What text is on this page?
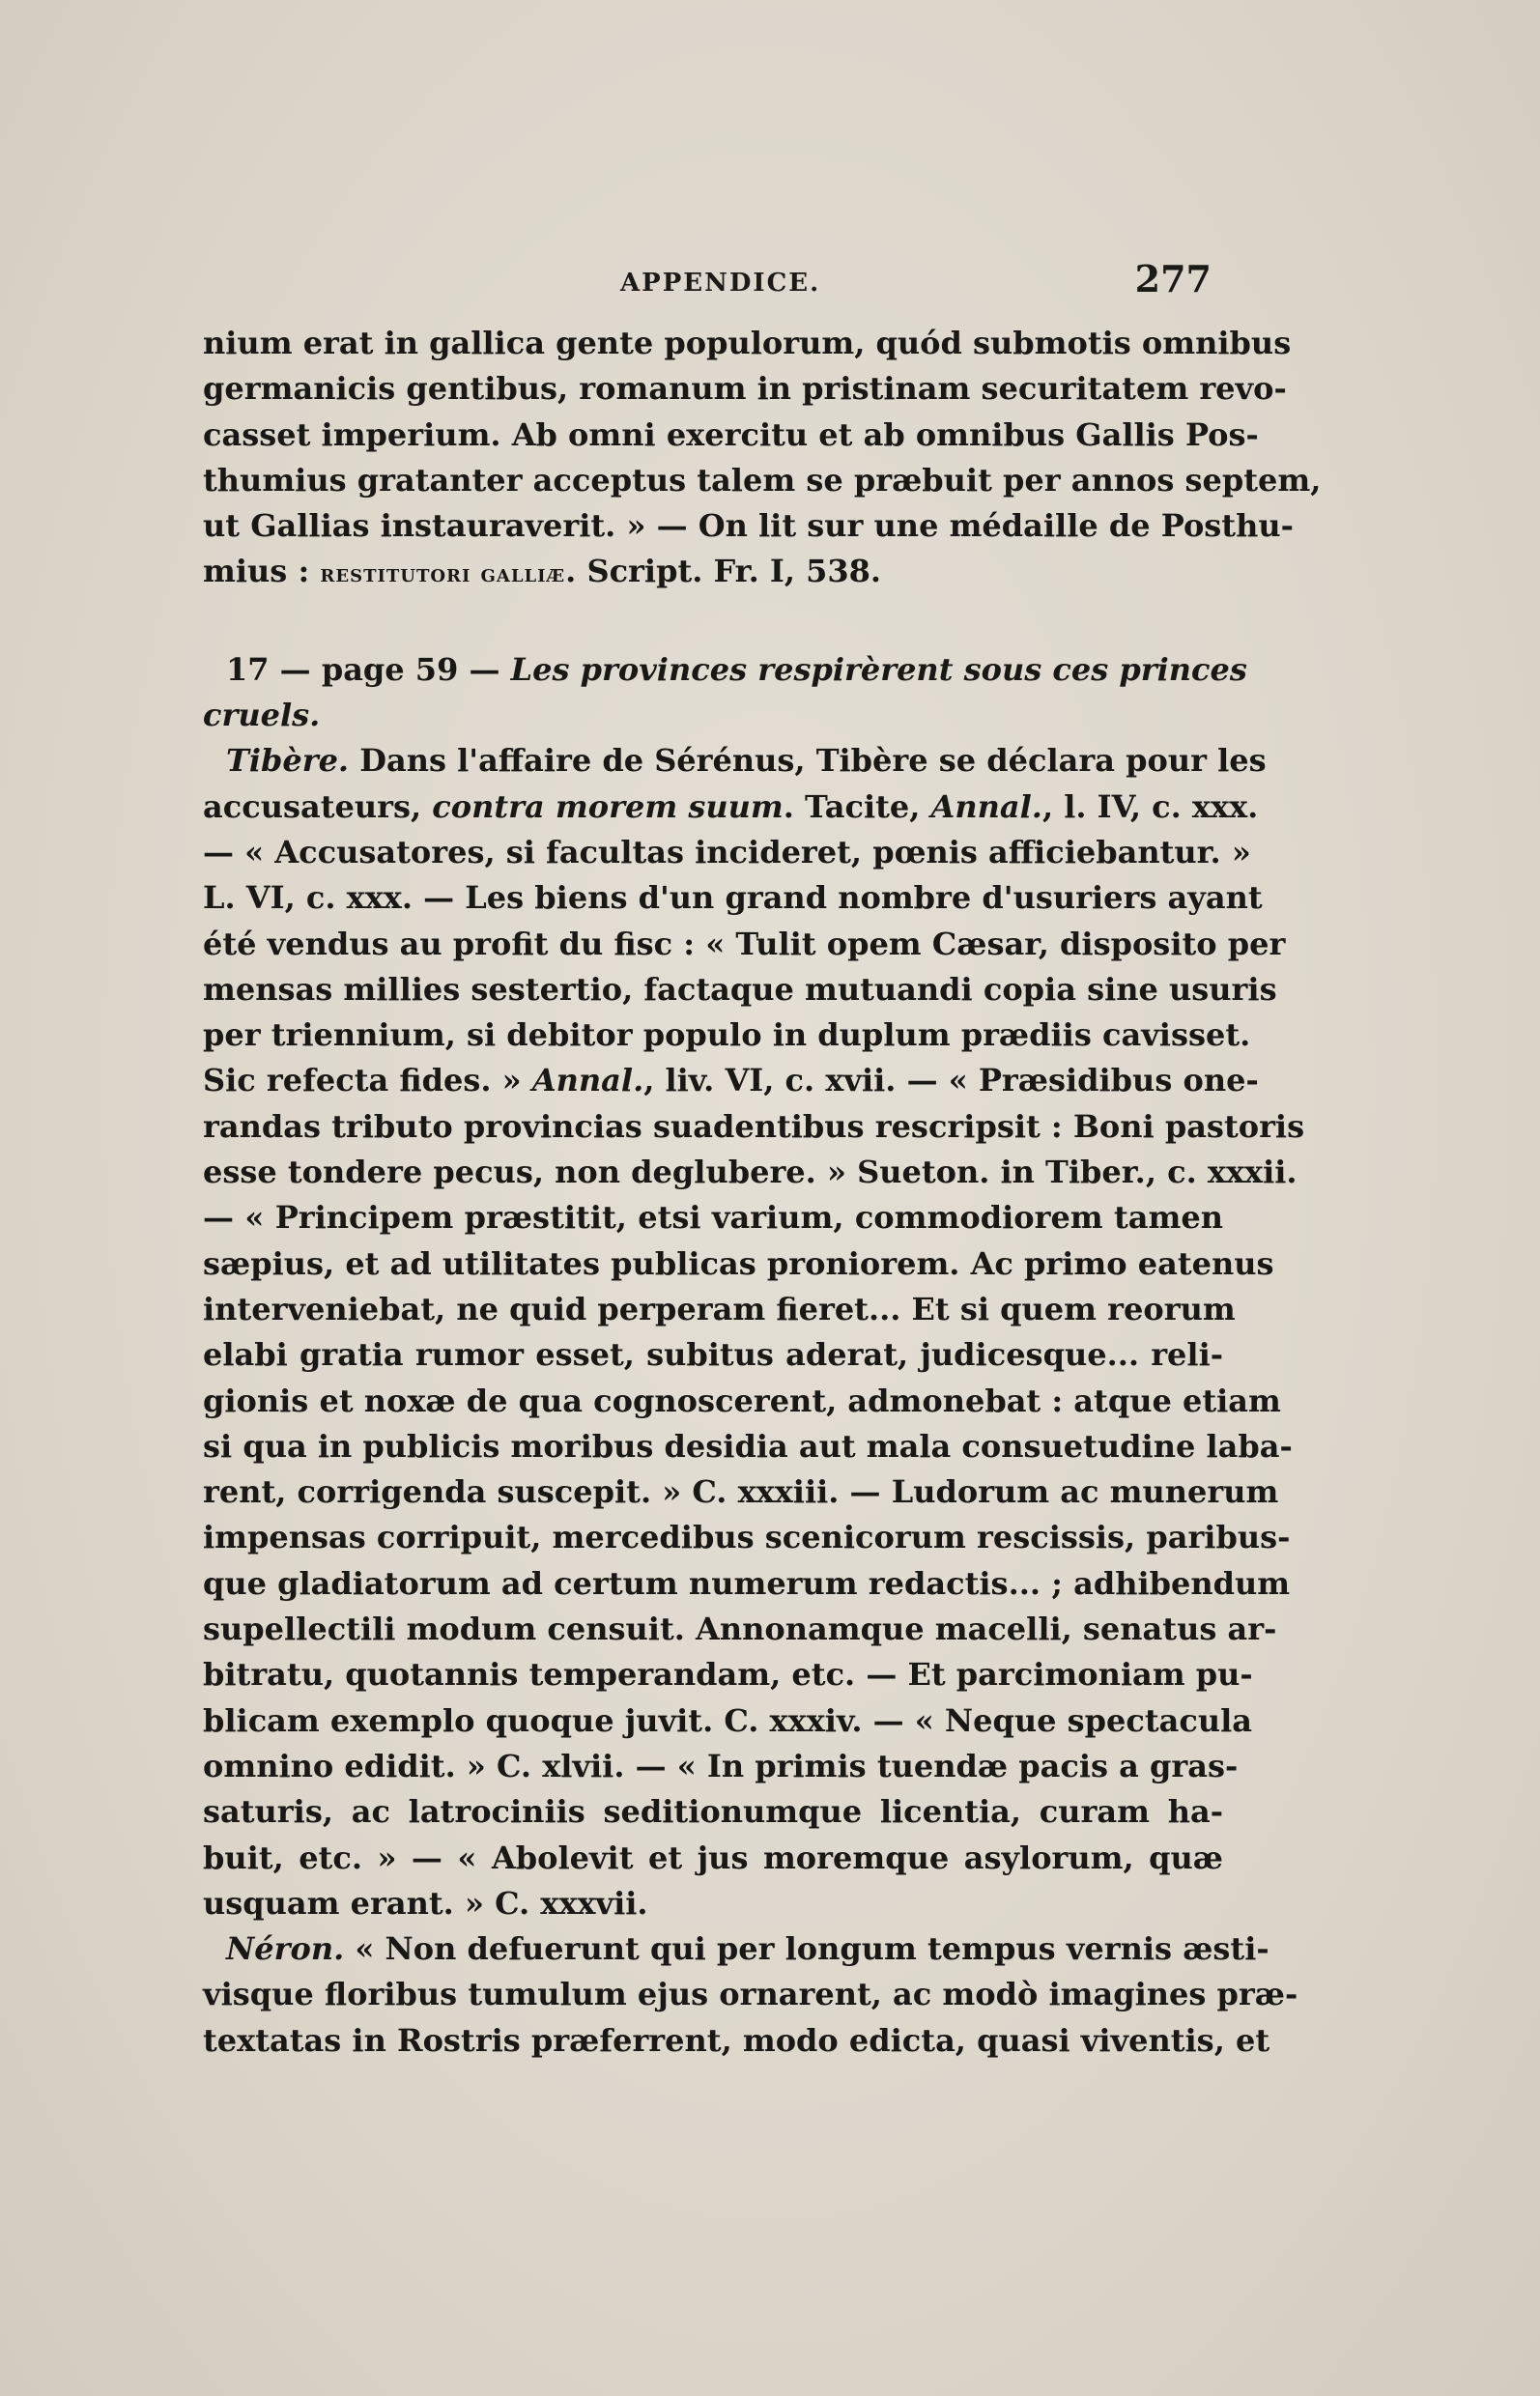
APPENDICE.	277
nium erat in gallica gente populorum, quód submotis omnibus
germanicis gentibus, romanum in pristinam securitatem revo-
casset imperium. Ab omni exercitu et ab omnibus Gallis Pos-
thumius gratanter acceptus talem se præbuit per annos septem,
ut Gallias instauraverit. » — On lit sur une médaille de Posthu-
mius : restitutori galliæ. Script. Fr. I, 538.
17 — page 59 — Les provinces respirèrent sous ces princes
cruels.
Tibère. Dans l'affaire de Sérénus, Tibère se déclara pour les
accusateurs, contra morem suum. Tacite, Annal., l. IV, c. xxx.
— « Accusatores, si facultas incideret, pœnis afficiebantur. »
L. VI, c. xxx. — Les biens d'un grand nombre d'usuriers ayant
été vendus au profit du fisc : « Tulit opem Cæsar, disposito per
mensas millies sestertio, factaque mutuandi copia sine usuris
per triennium, si debitor populo in duplum prædiis cavisset.
Sic refecta fides. » Annal., liv. VI, c. xvii. — « Præsidibus one-
randas tributo provincias suadentibus rescripsit : Boni pastoris
esse tondere pecus, non deglubere. » Sueton. in Tiber., c. xxxii.
— « Principem præstitit, etsi varium, commodiorem tamen
sæpius, et ad utilitates publicas proniorem. Ac primo eatenus
interveniebat, ne quid perperam fieret... Et si quem reorum
elabi gratia rumor esset, subitus aderat, judicesque... reli-
gionis et noxæ de qua cognoscerent, admonebat : atque etiam
si qua in publicis moribus desidia aut mala consuetudine laba-
rent, corrigenda suscepit. » C. xxxiii. — Ludorum ac munerum
impensas corripuit, mercedibus scenicorum rescissis, paribus-
que gladiatorum ad certum numerum redactis... ; adhibendum
supellectili modum censuit. Annonamque macelli, senatus ar-
bitratu, quotannis temperandam, etc. — Et parcimoniam pu-
blicam exemplo quoque juvit. C. xxxiv. — « Neque spectacula
omnino edidit. » C. xlvii. — « In primis tuendæ pacis a gras-
saturis, ac latrociniis seditionumque licentia, curam ha-
buit, etc. » — « Abolevit et jus moremque asylorum, quæ
usquam erant. » C. xxxvii.
Néron. « Non defuerunt qui per longum tempus vernis æsti-
visque floribus tumulum ejus ornarent, ac modò imagines præ-
textatas in Rostris præferrent, modo edicta, quasi viventis, et
